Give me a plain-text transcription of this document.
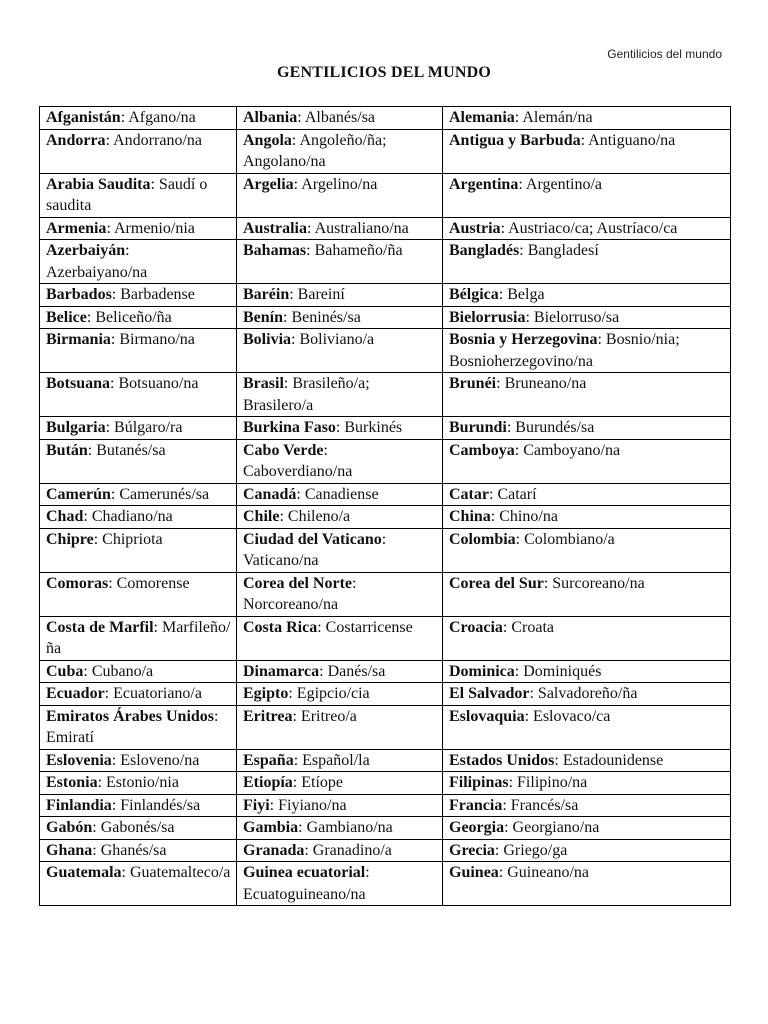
Gentilicios del mundo
GENTILICIOS DEL MUNDO
Afganistán: Afgano/na	Albania: Albanés/sa	Alemania: Alemán/na
Andorra: Andorrano/na	Angola: Angoleño/ña; Angolano/na	Antigua y Barbuda: Antiguano/na
Arabia Saudita: Saudí o saudita	Argelia: Argelino/na	Argentina: Argentino/a
Armenia: Armenio/nia	Australia: Australiano/na	Austria: Austriaco/ca; Austríaco/ca
Azerbaiyán: Azerbaiyano/na	Bahamas: Bahameño/ña	Bangladés: Bangladesí
Barbados: Barbadense	Baréin: Bareiní	Bélgica: Belga
Belice: Beliceño/ña	Benín: Beninés/sa	Bielorrusia: Bielorruso/sa
Birmania: Birmano/na	Bolivia: Boliviano/a	Bosnia y Herzegovina: Bosnio/nia; Bosnioherzegovino/na
Botsuana: Botsuano/na	Brasil: Brasileño/a; Brasilero/a	Brunéi: Bruneano/na
Bulgaria: Búlgaro/ra	Burkina Faso: Burkinés	Burundi: Burundés/sa
Bután: Butanés/sa	Cabo Verde: Caboverdiano/na	Camboya: Camboyano/na
Camerún: Camerunés/sa	Canadá: Canadiense	Catar: Catarí
Chad: Chadiano/na	Chile: Chileno/a	China: Chino/na
Chipre: Chipriota	Ciudad del Vaticano: Vaticano/na	Colombia: Colombiano/a
Comoras: Comorense	Corea del Norte: Norcoreano/na	Corea del Sur: Surcoreano/na
Costa de Marfil: Marfileño/ña	Costa Rica: Costarricense	Croacia: Croata
Cuba: Cubano/a	Dinamarca: Danés/sa	Dominica: Dominiqués
Ecuador: Ecuatoriano/a	Egipto: Egipcio/cia	El Salvador: Salvadoreño/ña
Emiratos Árabes Unidos: Emiratí	Eritrea: Eritreo/a	Eslovaquia: Eslovaco/ca
Eslovenia: Esloveno/na	España: Español/la	Estados Unidos: Estadounidense
Estonia: Estonio/nia	Etiopía: Etíope	Filipinas: Filipino/na
Finlandia: Finlandés/sa	Fiyi: Fiyiano/na	Francia: Francés/sa
Gabón: Gabonés/sa	Gambia: Gambiano/na	Georgia: Georgiano/na
Ghana: Ghanés/sa	Granada: Granadino/a	Grecia: Griego/ga
Guatemala: Guatemalteco/a	Guinea ecuatorial: Ecuatoguineano/na	Guinea: Guineano/na
